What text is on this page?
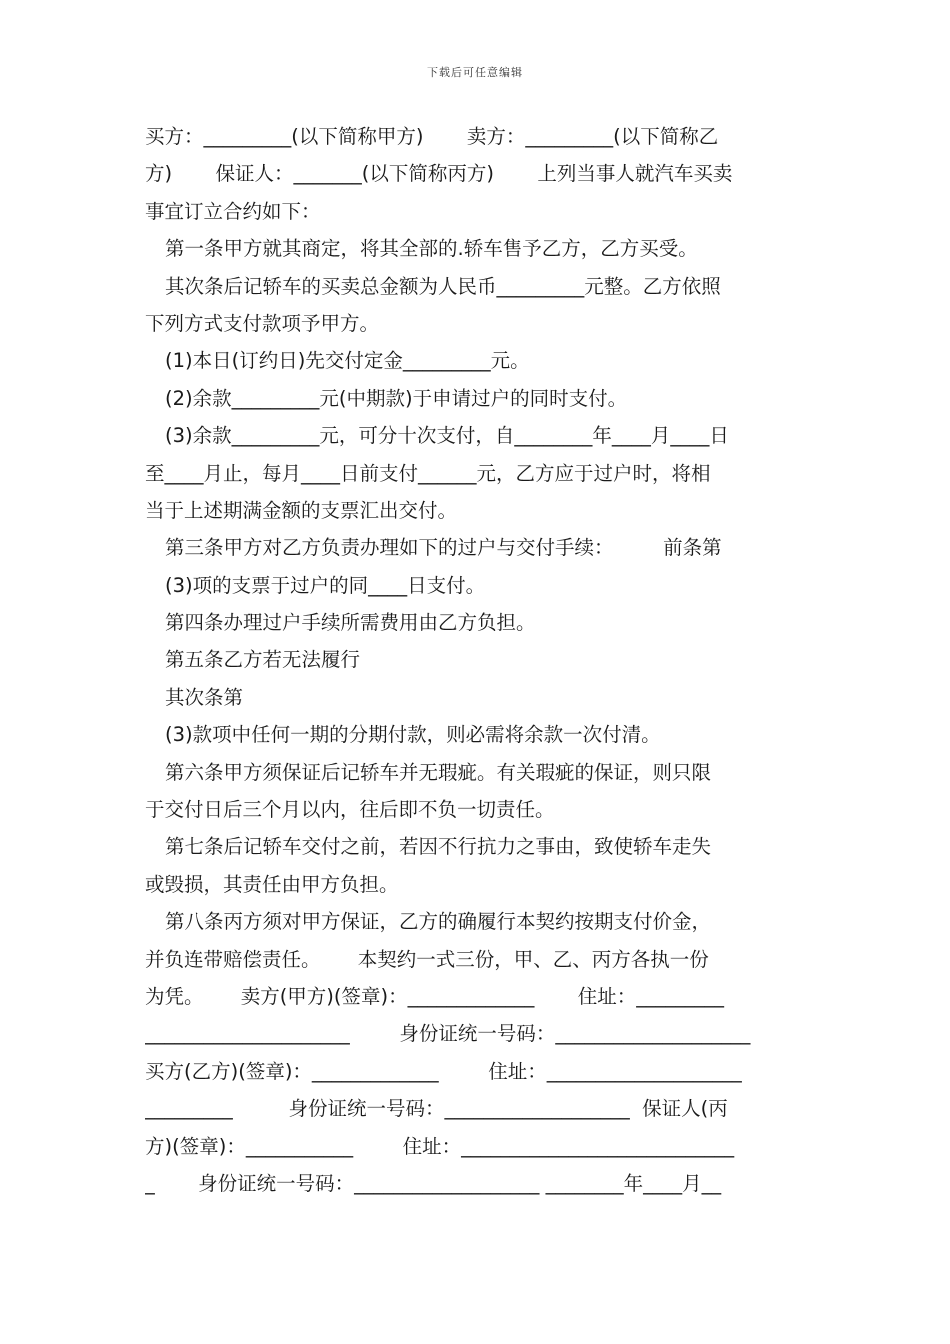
下载后可任意编辑
买方：_________(以下简称甲方)       卖方：_________(以下简称乙
方)       保证人：_______(以下简称丙方)       上列当事人就汽车买卖
事宜订立合约如下：
第一条甲方就其商定，将其全部的.轿车售予乙方，乙方买受。
其次条后记轿车的买卖总金额为人民币_________元整。乙方依照
下列方式支付款项予甲方。
(1)本日(订约日)先交付定金_________元。
(2)余款_________元(中期款)于申请过户的同时支付。
(3)余款_________元，可分十次支付，自________年____月____日
至____月止，每月____日前支付______元，乙方应于过户时，将相
当于上述期满金额的支票汇出交付。
第三条甲方对乙方负责办理如下的过户与交付手续：        前条第
(3)项的支票于过户的同____日支付。
第四条办理过户手续所需费用由乙方负担。
第五条乙方若无法履行
其次条第
(3)款项中任何一期的分期付款，则必需将余款一次付清。
第六条甲方须保证后记轿车并无瑕疵。有关瑕疵的保证，则只限
于交付日后三个月以内，往后即不负一切责任。
第七条后记轿车交付之前，若因不行抗力之事由，致使轿车走失
或毁损，其责任由甲方负担。
第八条丙方须对甲方保证，乙方的确履行本契约按期支付价金，
并负连带赔偿责任。      本契约一式三份，甲、乙、丙方各执一份
为凭。      卖方(甲方)(签章)：_____________       住址：_________
_____________________        身份证统一号码：____________________
买方(乙方)(签章)：_____________        住址：____________________
_________         身份证统一号码：___________________  保证人(丙
方)(签章)：___________        住址：____________________________
_       身份证统一号码：___________________ ________年____月__
